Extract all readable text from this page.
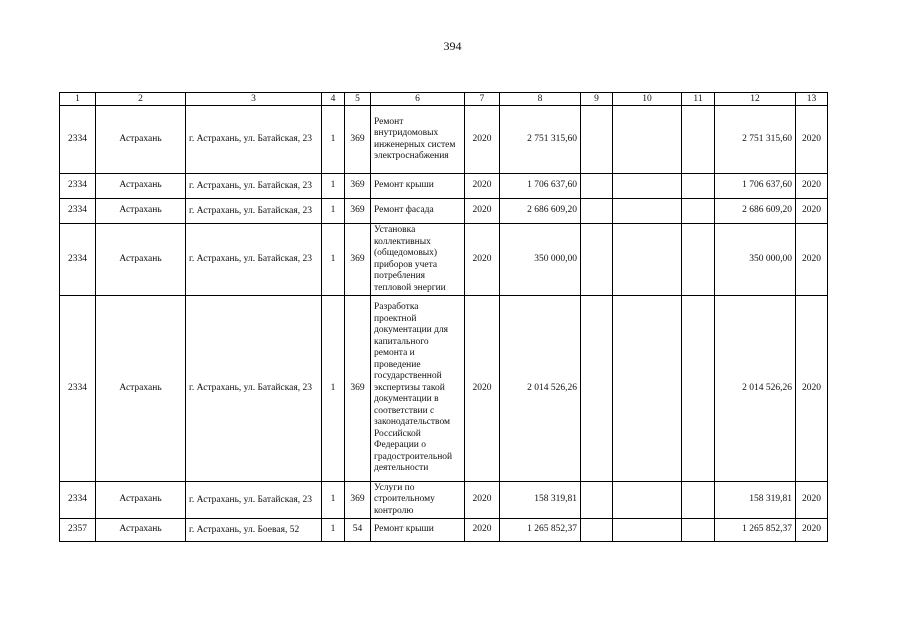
394
1	2	3	4	5	6	7	8	9	10	11	12	13
2334	Астрахань	г. Астрахань, ул. Батайская, 23	1	369	Ремонт внутридомовых инженерных систем электроснабжения	2020	2 751 315,60				2 751 315,60	2020
2334	Астрахань	г. Астрахань, ул. Батайская, 23	1	369	Ремонт крыши	2020	1 706 637,60				1 706 637,60	2020
2334	Астрахань	г. Астрахань, ул. Батайская, 23	1	369	Ремонт фасада	2020	2 686 609,20				2 686 609,20	2020
2334	Астрахань	г. Астрахань, ул. Батайская, 23	1	369	Установка коллективных (общедомовых) приборов учета потребления тепловой энергии	2020	350 000,00				350 000,00	2020
2334	Астрахань	г. Астрахань, ул. Батайская, 23	1	369	Разработка проектной документации для капитального ремонта и проведение государственной экспертизы такой документации в соответствии с законодательством Российской Федерации о градостроительной деятельности	2020	2 014 526,26				2 014 526,26	2020
2334	Астрахань	г. Астрахань, ул. Батайская, 23	1	369	Услуги по строительному контролю	2020	158 319,81				158 319,81	2020
2357	Астрахань	г. Астрахань, ул. Боевая, 52	1	54	Ремонт крыши	2020	1 265 852,37				1 265 852,37	2020
